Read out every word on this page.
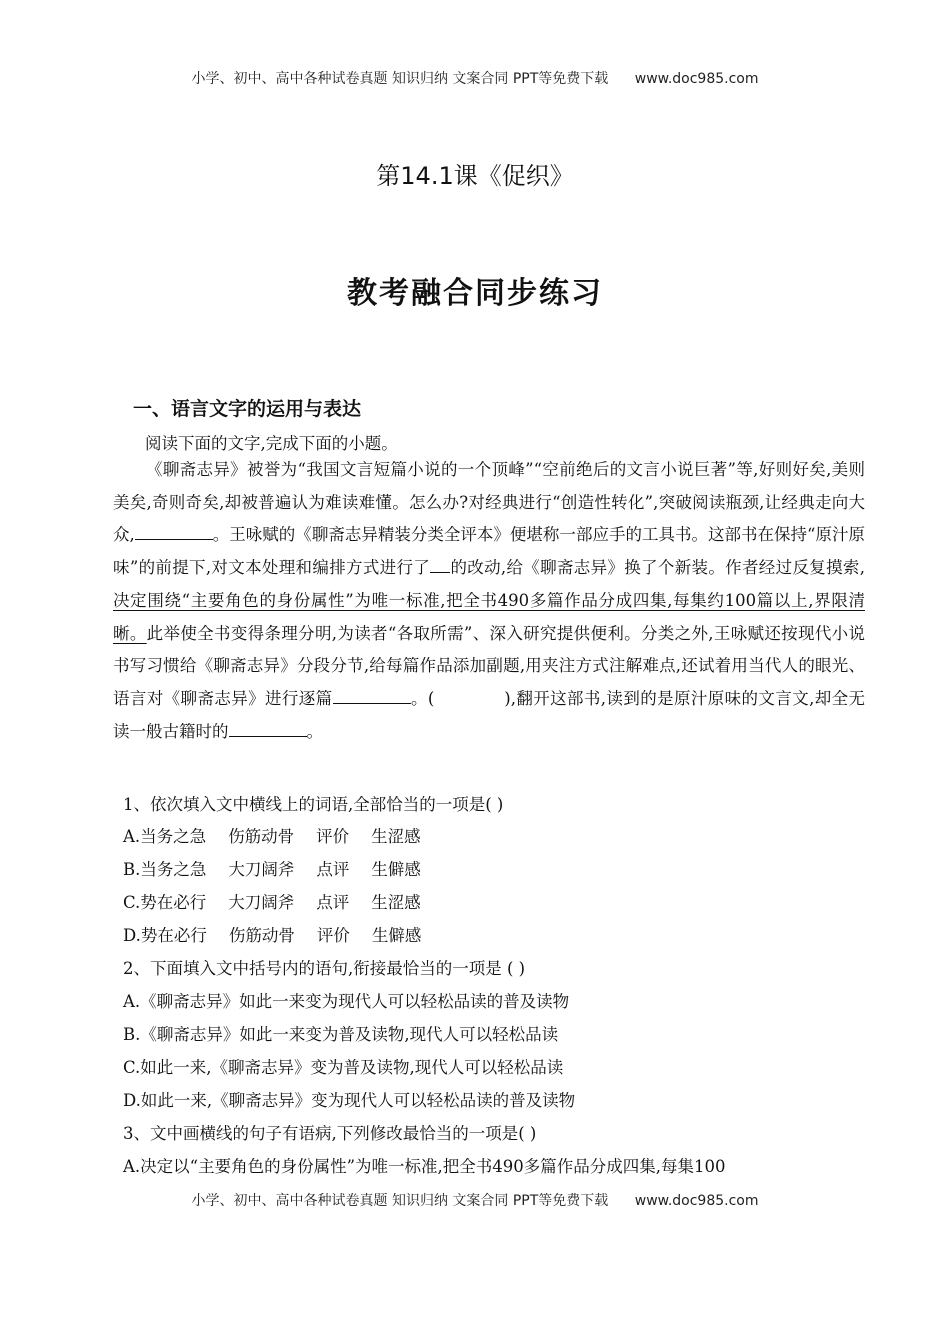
小学、初中、高中各种试卷真题 知识归纳 文案合同 PPT等免费下载 www.doc985.com
第14.1课《促织》
教考融合同步练习
一、语言文字的运用与表达
阅读下面的文字,完成下面的小题。

《聊斋志异》被誉为“我国文言短篇小说的一个顶峰”“空前绝后的文言小说巨著”等,好则好矣,美则美矣,奇则奇矣,却被普遍认为难读难懂。怎么办?对经典进行“创造性转化”,突破阅读瓶颈,让经典走向大众,	。王咏赋的《聊斋志异精装分类全评本》便堪称一部应手的工具书。这部书在保持“原汁原味”的前提下,对文本处理和编排方式进行了 的改动,给《聊斋志异》换了个新装。作者经过反复摸索,决定围绕“主要角色的身份属性”为唯一标准,把全书490多篇作品分成四集,每集约100篇以上,界限清晰。此举使全书变得条理分明,为读者“各取所需”、深入研究提供便利。分类之外,王咏赋还按现代小说书写习惯给《聊斋志异》分段分节,给每篇作品添加副题,用夹注方式注解难点,还试着用当代人的眼光、语言对《聊斋志异》进行逐篇	。(	),翻开这部书,读到的是原汁原味的文言文,却全无读一般古籍时的	。

1、依次填入文中横线上的词语,全部恰当的一项是( )
A.当务之急 伤筋动骨 评价 生涩感
B.当务之急 大刀阔斧 点评 生僻感
C.势在必行 大刀阔斧 点评 生涩感
D.势在必行 伤筋动骨 评价 生僻感
2、下面填入文中括号内的语句,衔接最恰当的一项是 ( )
A.《聊斋志异》如此一来变为现代人可以轻松品读的普及读物
B.《聊斋志异》如此一来变为普及读物,现代人可以轻松品读
C.如此一来,《聊斋志异》变为普及读物,现代人可以轻松品读
D.如此一来,《聊斋志异》变为现代人可以轻松品读的普及读物
3、文中画横线的句子有语病,下列修改最恰当的一项是( )
A.决定以“主要角色的身份属性”为唯一标准,把全书490多篇作品分成四集,每集100
小学、初中、高中各种试卷真题 知识归纳 文案合同 PPT等免费下载 www.doc985.com
